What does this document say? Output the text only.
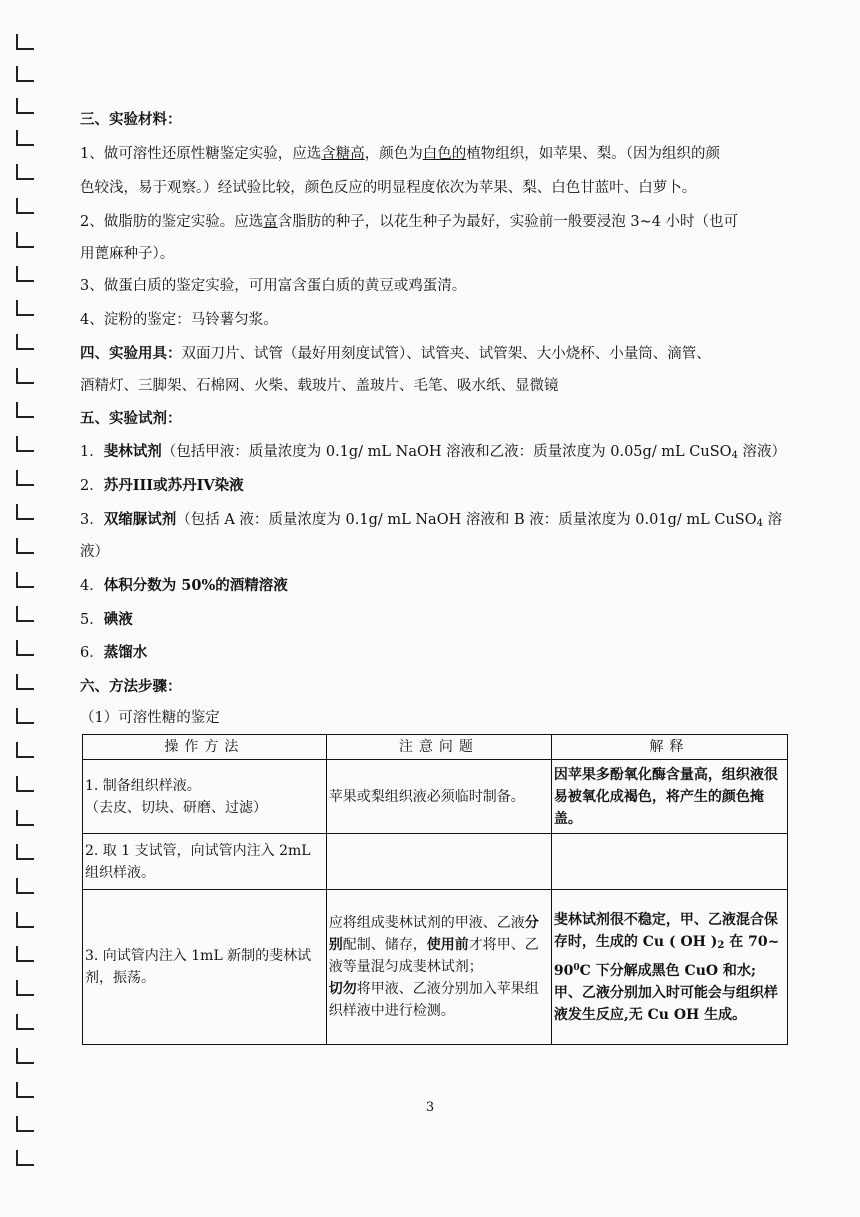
三、实验材料：
1、做可溶性还原性糖鉴定实验，应选含糖高，颜色为白色的植物组织，如苹果、梨。（因为组织的颜
色较浅，易于观察。）经试验比较，颜色反应的明显程度依次为苹果、梨、白色甘蓝叶、白萝卜。
2、做脂肪的鉴定实验。应选富含脂肪的种子，以花生种子为最好，实验前一般要浸泡 3~4 小时（也可
用蓖麻种子）。
3、做蛋白质的鉴定实验，可用富含蛋白质的黄豆或鸡蛋清。
4、淀粉的鉴定：马铃薯匀浆。
四、实验用具：双面刀片、试管（最好用刻度试管）、试管夹、试管架、大小烧杯、小量筒、滴管、
酒精灯、三脚架、石棉网、火柴、载玻片、盖玻片、毛笔、吸水纸、显微镜
五、实验试剂：
1．斐林试剂（包括甲液：质量浓度为 0.1g/ mL NaOH 溶液和乙液：质量浓度为 0.05g/ mL CuSO$_4$ 溶液）
2．苏丹III或苏丹IV染液
3．双缩脲试剂（包括 A 液：质量浓度为 0.1g/ mL NaOH 溶液和 B 液：质量浓度为 0.01g/ mL CuSO$_4$ 溶
液）
4．体积分数为 50%的酒精溶液
5．碘液
6．蒸馏水
六、方法步骤：
（1）可溶性糖的鉴定
操作方法	注意问题	解释

1. 制备组织样液。
（去皮、切块、研磨、过滤）	苹果或梨组织液必须临时制备。	因苹果多酚氧化酶含量高，组织液很易被氧化成褐色，将产生的颜色掩盖。
2. 取 1 支试管，向试管内注入 2mL 组织样液。		
3. 向试管内注入 1mL 新制的斐林试剂，振荡。	应将组成斐林试剂的甲液、乙液分别配制、储存，使用前才将甲、乙液等量混匀成斐林试剂；
切勿将甲液、乙液分别加入苹果组织样液中进行检测。	斐林试剂很不稳定，甲、乙液混合保存时，生成的 Cu ( OH )$_2$ 在 70~ $90^0C$ 下分解成黑色 CuO 和水;
甲、乙液分别加入时可能会与组织样液发生反应,无 Cu OH 生成。
3
